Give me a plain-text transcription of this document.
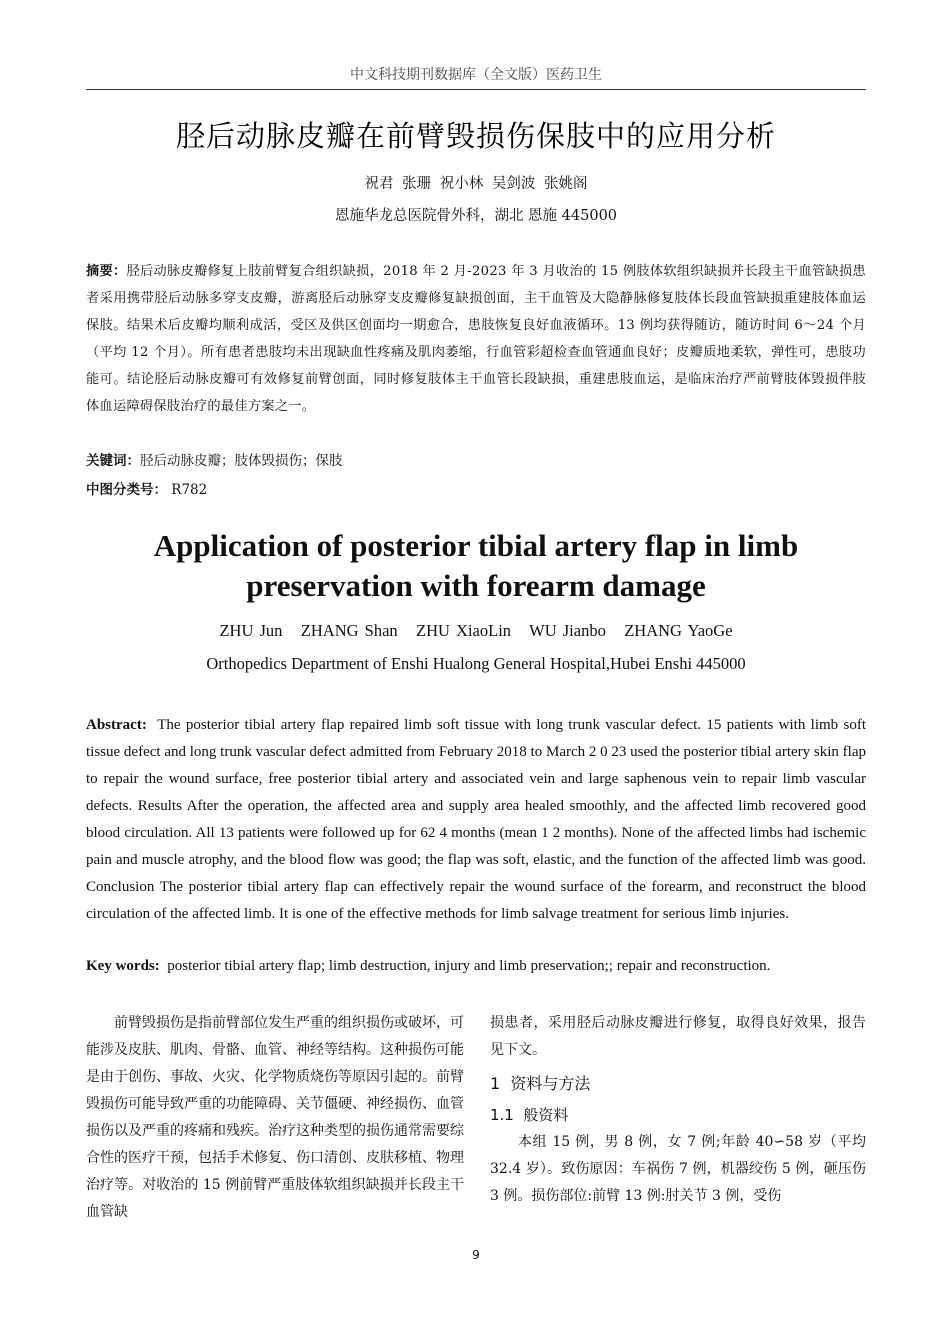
中文科技期刊数据库（全文版）医药卫生
胫后动脉皮瓣在前臂毁损伤保肢中的应用分析
祝君 张珊 祝小林 吴剑波 张姚阁
恩施华龙总医院骨外科，湖北 恩施 445000
摘要：胫后动脉皮瓣修复上肢前臂复合组织缺损，2018 年 2 月-2023 年 3 月收治的 15 例肢体软组织缺损并长段主干血管缺损患者采用携带胫后动脉多穿支皮瓣，游离胫后动脉穿支皮瓣修复缺损创面，主干血管及大隐静脉修复肢体长段血管缺损重建肢体血运保肢。结果术后皮瓣均顺利成活，受区及供区创面均一期愈合，患肢恢复良好血液循环。13 例均获得随访，随访时间 6～24 个月（平均 12 个月）。所有患者患肢均未出现缺血性疼痛及肌肉萎缩，行血管彩超检查血管通血良好；皮瓣质地柔软，弹性可，患肢功能可。结论胫后动脉皮瓣可有效修复前臂创面，同时修复肢体主干血管长段缺损，重建患肢血运，是临床治疗严前臂肢体毁损伴肢体血运障碍保肢治疗的最佳方案之一。
关键词：胫后动脉皮瓣；肢体毁损伤；保肢
中图分类号： R782
Application of posterior tibial artery flap in limb preservation with forearm damage
ZHU Jun   ZHANG Shan   ZHU XiaoLin   WU Jianbo   ZHANG YaoGe
Orthopedics Department of Enshi Hualong General Hospital,Hubei Enshi 445000
Abstract: The posterior tibial artery flap repaired limb soft tissue with long trunk vascular defect. 15 patients with limb soft tissue defect and long trunk vascular defect admitted from February 2018 to March 2 0 23 used the posterior tibial artery skin flap to repair the wound surface, free posterior tibial artery and associated vein and large saphenous vein to repair limb vascular defects. Results After the operation, the affected area and supply area healed smoothly, and the affected limb recovered good blood circulation. All 13 patients were followed up for 62 4 months (mean 1 2 months). None of the affected limbs had ischemic pain and muscle atrophy, and the blood flow was good; the flap was soft, elastic, and the function of the affected limb was good. Conclusion The posterior tibial artery flap can effectively repair the wound surface of the forearm, and reconstruct the blood circulation of the affected limb. It is one of the effective methods for limb salvage treatment for serious limb injuries.
Key words: posterior tibial artery flap; limb destruction, injury and limb preservation;; repair and reconstruction.

前臂毁损伤是指前臂部位发生严重的组织损伤或破坏，可能涉及皮肤、肌肉、骨骼、血管、神经等结构。这种损伤可能是由于创伤、事故、火灾、化学物质烧伤等原因引起的。前臂毁损伤可能导致严重的功能障碍、关节僵硬、神经损伤、血管损伤以及严重的疼痛和残疾。治疗这种类型的损伤通常需要综合性的医疗干预，包括手术修复、伤口清创、皮肤移植、物理治疗等。对收治的 15 例前臂严重肢体软组织缺损并长段主干血管缺

损患者，采用胫后动脉皮瓣进行修复，取得良好效果，报告见下文。

1  资料与方法
1.1  般资料

本组 15 例，男 8 例，女 7 例;年龄 40∽58 岁（平均 32.4 岁）。致伤原因：车祸伤 7 例，机器绞伤 5 例，砸压伤 3 例。损伤部位:前臂 13 例:肘关节 3 例，受伤

9
